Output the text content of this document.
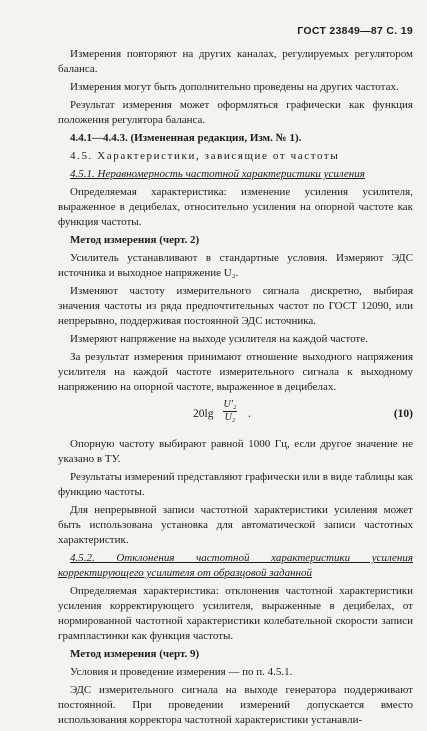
ГОСТ 23849—87 С. 19

Измерения повторяют на других каналах, регулируемых регулятором баланса.

Измерения могут быть дополнительно проведены на других частотах.

Результат измерения может оформляться графически как функция положения регулятора баланса.

4.4.1—4.4.3. (Измененная редакция, Изм. № 1).

4.5. Характеристики, зависящие от частоты

4.5.1. Неравномерность частотной характеристики усиления

Определяемая характеристика: изменение усиления усилителя, выраженное в децибелах, относительно усиления на опорной частоте как функция частоты.

Метод измерения (черт. 2)

Усилитель устанавливают в стандартные условия. Измеряют ЭДС источника и выходное напряжение U₂.

Изменяют частоту измерительного сигнала дискретно, выбирая значения частоты из ряда предпочтительных частот по ГОСТ 12090, или непрерывно, поддерживая постоянной ЭДС источника.

Измеряют напряжение на выходе усилителя на каждой частоте.

За результат измерения принимают отношение выходного напряжения усилителя на каждой частоте измерительного сигнала к выходному напряжению на опорной частоте, выраженное в децибелах.

20lg
U′₂
U₂ .	(10)

Опорную частоту выбирают равной 1000 Гц, если другое значение не указано в ТУ.

Результаты измерений представляют графически или в виде таблицы как функцию частоты.

Для непрерывной записи частотной характеристики усиления может быть использована установка для автоматической записи частотных характеристик.

4.5.2. Отклонения частотной характеристики усиления корректирующего усилителя от образцовой заданной

Определяемая характеристика: отклонения частотной характеристики усиления корректирующего усилителя, выраженные в децибелах, от нормированной частотной характеристики колебательной скорости записи грампластинки как функция частоты.

Метод измерения (черт. 9)

Условия и проведение измерения — по п. 4.5.1.

ЭДС измерительного сигнала на выходе генератора поддерживают постоянной. При проведении измерений допускается вместо использования корректора частотной характеристики устанавли-
